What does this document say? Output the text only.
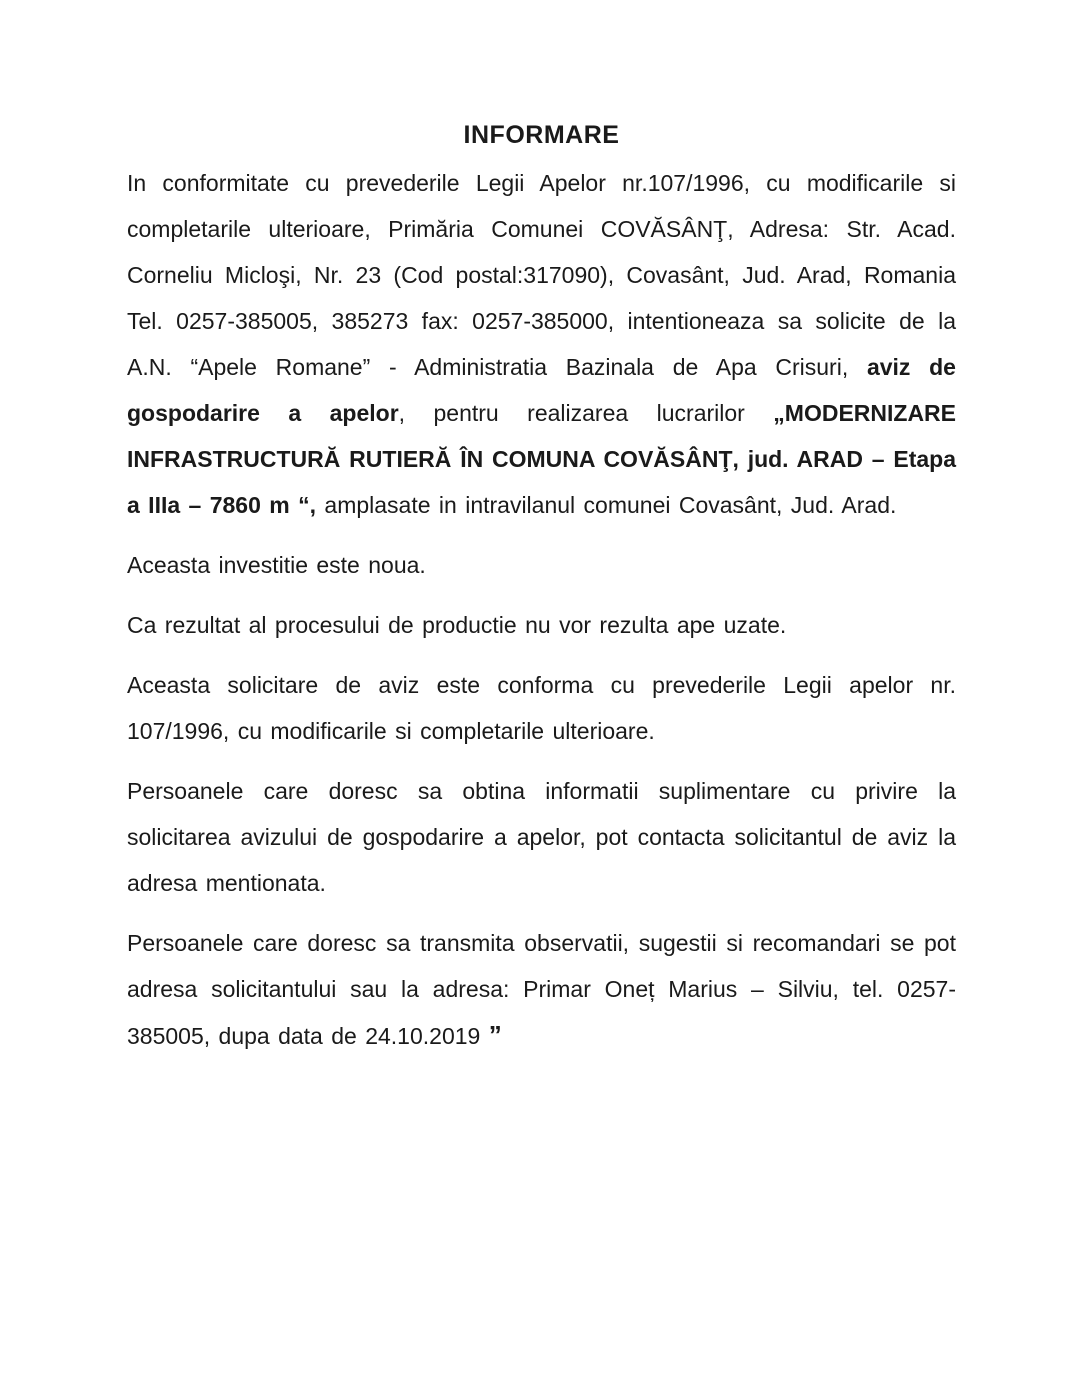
INFORMARE

In conformitate cu prevederile Legii Apelor nr.107/1996, cu modificarile si completarile ulterioare, Primăria Comunei COVĂSÂNŢ, Adresa: Str. Acad. Corneliu Micloşi, Nr. 23 (Cod postal:317090), Covasânt, Jud. Arad, Romania Tel. 0257-385005, 385273 fax: 0257-385000, intentioneaza sa solicite de la A.N. “Apele Romane” - Administratia Bazinala de Apa Crisuri, aviz de gospodarire a apelor, pentru realizarea lucrarilor „MODERNIZARE INFRASTRUCTURĂ RUTIERĂ ÎN COMUNA COVĂSÂNŢ, jud. ARAD – Etapa a IIIa – 7860 m “, amplasate in intravilanul comunei Covasânt, Jud. Arad.

Aceasta investitie este noua.

Ca rezultat al procesului de productie nu vor rezulta ape uzate.

Aceasta solicitare de aviz este conforma cu prevederile Legii apelor nr. 107/1996, cu modificarile si completarile ulterioare.

Persoanele care doresc sa obtina informatii suplimentare cu privire la solicitarea avizului de gospodarire a apelor, pot contacta solicitantul de aviz la adresa mentionata.

Persoanele care doresc sa transmita observatii, sugestii si recomandari se pot adresa solicitantului sau la adresa: Primar Oneț Marius – Silviu, tel. 0257-385005, dupa data de 24.10.2019 ”
